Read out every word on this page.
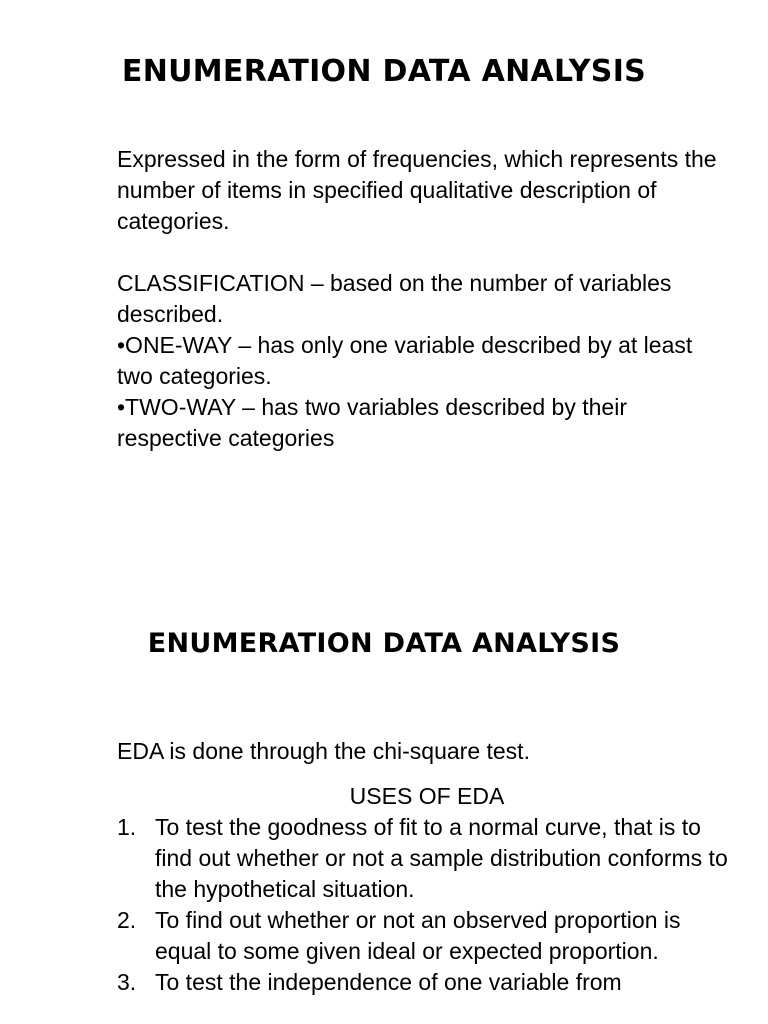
ENUMERATION DATA ANALYSIS

Expressed in the form of frequencies, which represents the number of items in specified qualitative description of categories.

CLASSIFICATION – based on the number of variables described.

•ONE-WAY – has only one variable described by at least two categories.

•TWO-WAY – has two variables described by their respective categories

ENUMERATION DATA ANALYSIS

EDA is done through the chi-square test.

USES OF EDA

1. To test the goodness of fit to a normal curve, that is to find out whether or not a sample distribution conforms to the hypothetical situation.
2. To find out whether or not an observed proportion is equal to some given ideal or expected proportion.
3. To test the independence of one variable from
